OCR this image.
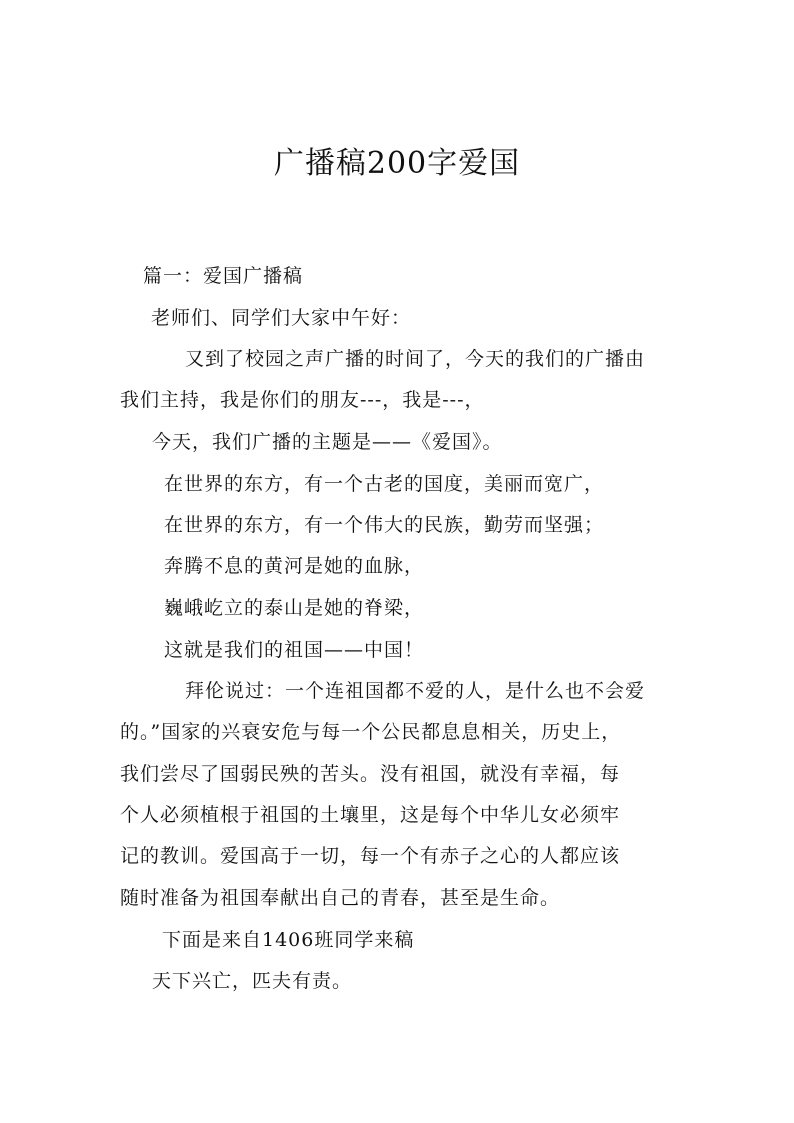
广播稿200字爱国
篇一：爱国广播稿
老师们、同学们大家中午好：
又到了校园之声广播的时间了，今天的我们的广播由
我们主持，我是你们的朋友---，我是---，
今天，我们广播的主题是——《爱国》。
在世界的东方，有一个古老的国度，美丽而宽广，
在世界的东方，有一个伟大的民族，勤劳而坚强；
奔腾不息的黄河是她的血脉，
巍峨屹立的泰山是她的脊梁，
这就是我们的祖国——中国！
拜伦说过：一个连祖国都不爱的人，是什么也不会爱
的。”国家的兴衰安危与每一个公民都息息相关，历史上，
我们尝尽了国弱民殃的苦头。没有祖国，就没有幸福，每
个人必须植根于祖国的土壤里，这是每个中华儿女必须牢
记的教训。爱国高于一切，每一个有赤子之心的人都应该
随时准备为祖国奉献出自己的青春，甚至是生命。
下面是来自1406班同学来稿
天下兴亡，匹夫有责。
